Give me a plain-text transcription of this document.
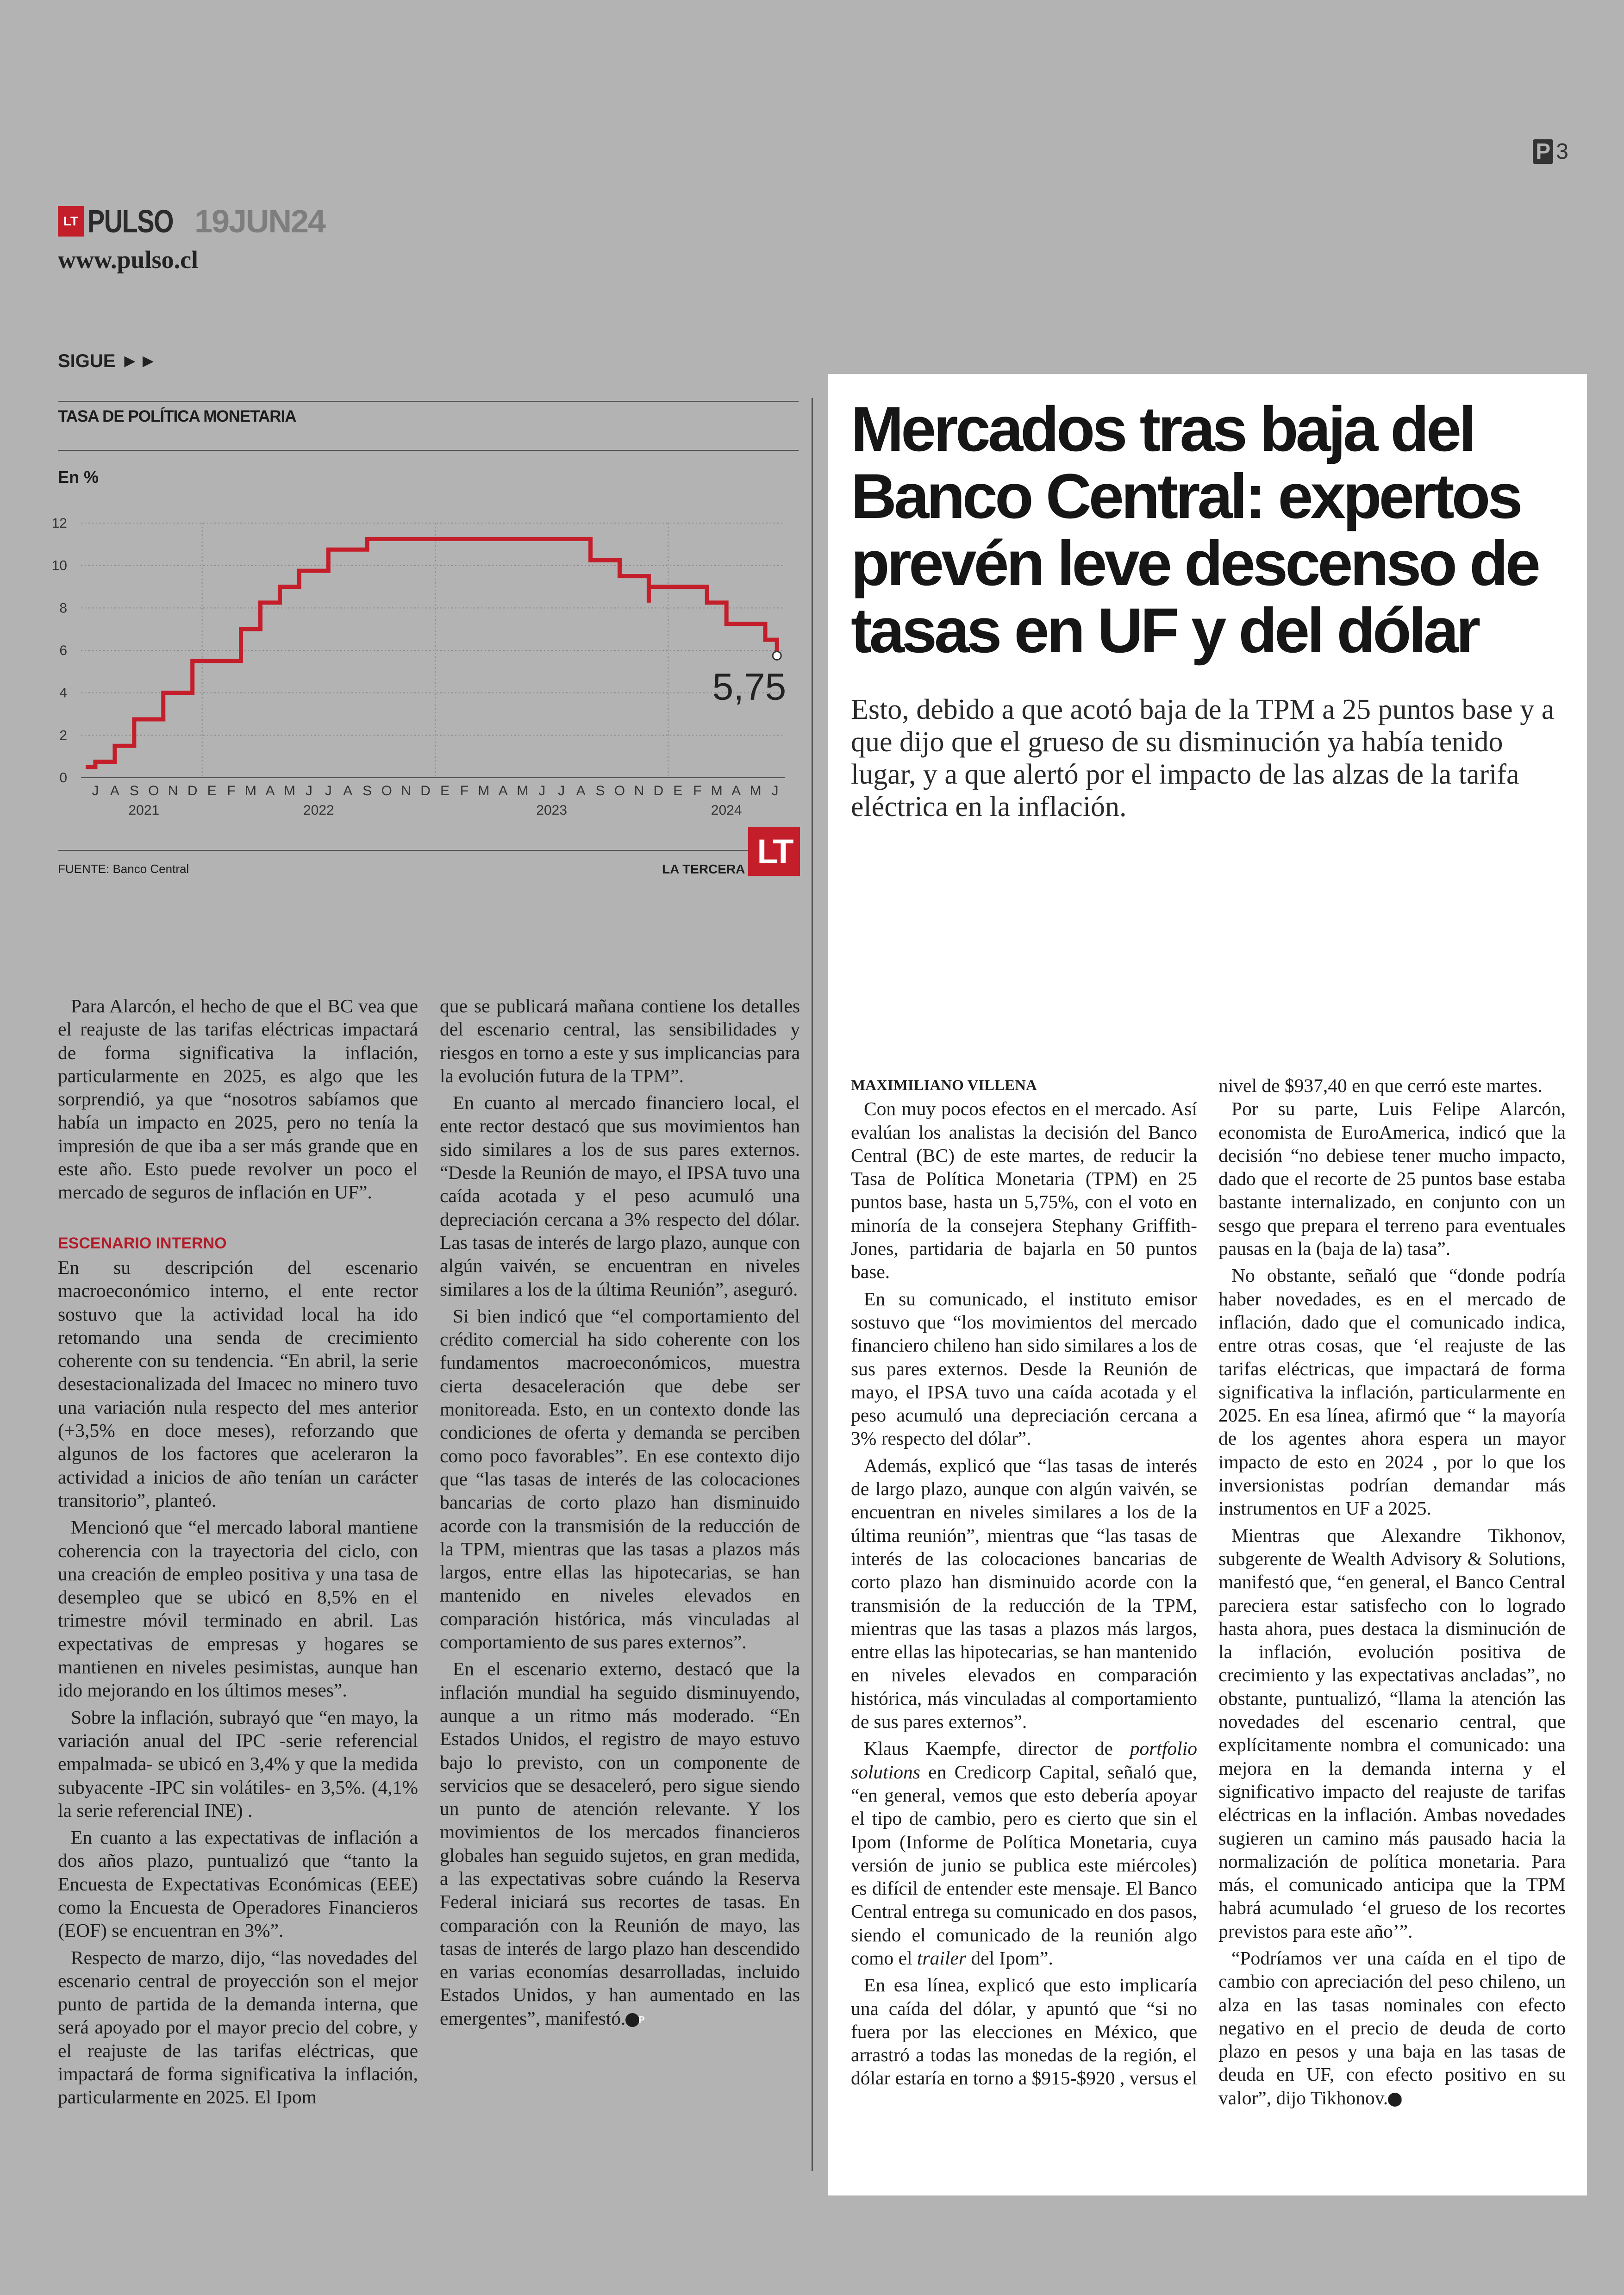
P 3
LT PULSO 19JUN24
www.pulso.cl
SIGUE ►►
TASA DE POLÍTICA MONETARIA
En %
0
2
4
6
8
10
12
J A S O N D E F M A M J J A S O N D E F M A M J J A S O N D E F M A M J
2021	2022	2023	2024
5,75
FUENTE: Banco Central	LA TERCERA LT
Mercados tras baja del Banco Central: expertos prevén leve descenso de tasas en UF y del dólar

Esto, debido a que acotó baja de la TPM a 25 puntos base y a que dijo que el grueso de su disminución ya había tenido lugar, y a que alertó por el impacto de las alzas de la tarifa eléctrica en la inflación.

Para Alarcón, el hecho de que el BC vea que el reajuste de las tarifas eléctricas impactará de forma significativa la inflación, particularmente en 2025, es algo que les sorprendió, ya que “nosotros sabíamos que había un impacto en 2025, pero no tenía la impresión de que iba a ser más grande que en este año. Esto puede revolver un poco el mercado de seguros de inflación en UF”.

ESCENARIO INTERNO

En su descripción del escenario macroeconómico interno, el ente rector sostuvo que la actividad local ha ido retomando una senda de crecimiento coherente con su tendencia. “En abril, la serie desestacionalizada del Imacec no minero tuvo una variación nula respecto del mes anterior (+3,5% en doce meses), reforzando que algunos de los factores que aceleraron la actividad a inicios de año tenían un carácter transitorio”, planteó.

Mencionó que “el mercado laboral mantiene coherencia con la trayectoria del ciclo, con una creación de empleo positiva y una tasa de desempleo que se ubicó en 8,5% en el trimestre móvil terminado en abril. Las expectativas de empresas y hogares se mantienen en niveles pesimistas, aunque han ido mejorando en los últimos meses”.

Sobre la inflación, subrayó que “en mayo, la variación anual del IPC -serie referencial empalmada- se ubicó en 3,4% y que la medida subyacente -IPC sin volátiles- en 3,5%. (4,1% la serie referencial INE) .

En cuanto a las expectativas de inflación a dos años plazo, puntualizó que “tanto la Encuesta de Expectativas Económicas (EEE) como la Encuesta de Operadores Financieros (EOF) se encuentran en 3%”.

Respecto de marzo, dijo, “las novedades del escenario central de proyección son el mejor punto de partida de la demanda interna, que será apoyado por el mayor precio del cobre, y el reajuste de las tarifas eléctricas, que impactará de forma significativa la inflación, particularmente en 2025. El Ipom

que se publicará mañana contiene los detalles del escenario central, las sensibilidades y riesgos en torno a este y sus implicancias para la evolución futura de la TPM”.

En cuanto al mercado financiero local, el ente rector destacó que sus movimientos han sido similares a los de sus pares externos. “Desde la Reunión de mayo, el IPSA tuvo una caída acotada y el peso acumuló una depreciación cercana a 3% respecto del dólar. Las tasas de interés de largo plazo, aunque con algún vaivén, se encuentran en niveles similares a los de la última Reunión”, aseguró.

Si bien indicó que “el comportamiento del crédito comercial ha sido coherente con los fundamentos macroeconómicos, muestra cierta desaceleración que debe ser monitoreada. Esto, en un contexto donde las condiciones de oferta y demanda se perciben como poco favorables”. En ese contexto dijo que “las tasas de interés de las colocaciones bancarias de corto plazo han disminuido acorde con la transmisión de la reducción de la TPM, mientras que las tasas a plazos más largos, entre ellas las hipotecarias, se han mantenido en niveles elevados en comparación histórica, más vinculadas al comportamiento de sus pares externos”.

En el escenario externo, destacó que la inflación mundial ha seguido disminuyendo, aunque a un ritmo más moderado. “En Estados Unidos, el registro de mayo estuvo bajo lo previsto, con un componente de servicios que se desaceleró, pero sigue siendo un punto de atención relevante. Y los movimientos de los mercados financieros globales han seguido sujetos, en gran medida, a las expectativas sobre cuándo la Reserva Federal iniciará sus recortes de tasas. En comparación con la Reunión de mayo, las tasas de interés de largo plazo han descendido en varias economías desarrolladas, incluido Estados Unidos, y han aumentado en las emergentes”, manifestó. P

MAXIMILIANO VILLENA

Con muy pocos efectos en el mercado. Así evalúan los analistas la decisión del Banco Central (BC) de este martes, de reducir la Tasa de Política Monetaria (TPM) en 25 puntos base, hasta un 5,75%, con el voto en minoría de la consejera Stephany Griffith-Jones, partidaria de bajarla en 50 puntos base.

En su comunicado, el instituto emisor sostuvo que “los movimientos del mercado financiero chileno han sido similares a los de sus pares externos. Desde la Reunión de mayo, el IPSA tuvo una caída acotada y el peso acumuló una depreciación cercana a 3% respecto del dólar”.

Además, explicó que “las tasas de interés de largo plazo, aunque con algún vaivén, se encuentran en niveles similares a los de la última reunión”, mientras que “las tasas de interés de las colocaciones bancarias de corto plazo han disminuido acorde con la transmisión de la reducción de la TPM, mientras que las tasas a plazos más largos, entre ellas las hipotecarias, se han mantenido en niveles elevados en comparación histórica, más vinculadas al comportamiento de sus pares externos”.

Klaus Kaempfe, director de portfolio solutions en Credicorp Capital, señaló que, “en general, vemos que esto debería apoyar el tipo de cambio, pero es cierto que sin el Ipom (Informe de Política Monetaria, cuya versión de junio se publica este miércoles) es difícil de entender este mensaje. El Banco Central entrega su comunicado en dos pasos, siendo el comunicado de la reunión algo como el trailer del Ipom”.

En esa línea, explicó que esto implicaría una caída del dólar, y apuntó que “si no fuera por las elecciones en México, que arrastró a todas las monedas de la región, el dólar estaría en torno a $915-$920 , versus el

nivel de $937,40 en que cerró este martes.

Por su parte, Luis Felipe Alarcón, economista de EuroAmerica, indicó que la decisión “no debiese tener mucho impacto, dado que el recorte de 25 puntos base estaba bastante internalizado, en conjunto con un sesgo que prepara el terreno para eventuales pausas en la (baja de la) tasa”.

No obstante, señaló que “donde podría haber novedades, es en el mercado de inflación, dado que el comunicado indica, entre otras cosas, que ‘el reajuste de las tarifas eléctricas, que impactará de forma significativa la inflación, particularmente en 2025. En esa línea, afirmó que “ la mayoría de los agentes ahora espera un mayor impacto de esto en 2024 , por lo que los inversionistas podrían demandar más instrumentos en UF a 2025.

Mientras que Alexandre Tikhonov, subgerente de Wealth Advisory & Solutions, manifestó que, “en general, el Banco Central pareciera estar satisfecho con lo logrado hasta ahora, pues destaca la disminución de la inflación, evolución positiva de crecimiento y las expectativas ancladas”, no obstante, puntualizó, “llama la atención las novedades del escenario central, que explícitamente nombra el comunicado: una mejora en la demanda interna y el significativo impacto del reajuste de tarifas eléctricas en la inflación. Ambas novedades sugieren un camino más pausado hacia la normalización de política monetaria. Para más, el comunicado anticipa que la TPM habrá acumulado ‘el grueso de los recortes previstos para este año’”.

“Podríamos ver una caída en el tipo de cambio con apreciación del peso chileno, un alza en las tasas nominales con efecto negativo en el precio de deuda de corto plazo en pesos y una baja en las tasas de deuda en UF, con efecto positivo en su valor”, dijo Tikhonov. P
